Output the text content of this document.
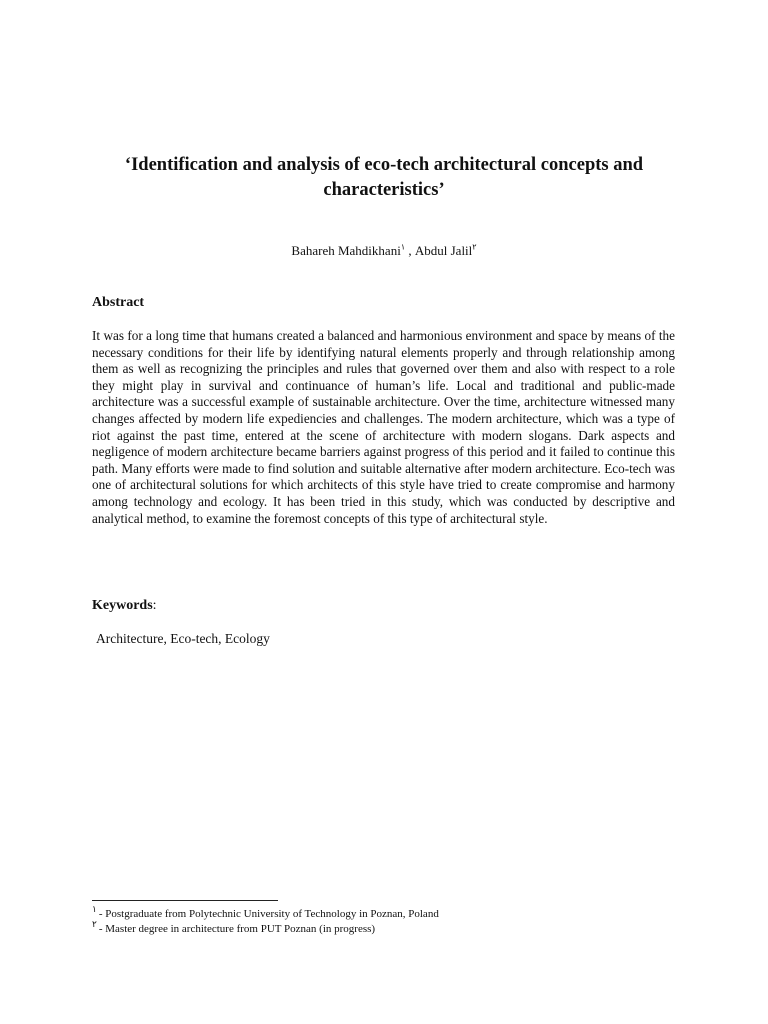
‘Identification and analysis of eco-tech architectural concepts and characteristics’
Bahareh Mahdikhani$^١$ , Abdul Jalil$^٢$
Abstract

It was for a long time that humans created a balanced and harmonious environment and space by means of the necessary conditions for their life by identifying natural elements properly and through relationship among them as well as recognizing the principles and rules that governed over them and also with respect to a role they might play in survival and continuance of human’s life. Local and traditional and public-made architecture was a successful example of sustainable architecture. Over the time, architecture witnessed many changes affected by modern life expediencies and challenges. The modern architecture, which was a type of riot against the past time, entered at the scene of architecture with modern slogans. Dark aspects and negligence of modern architecture became barriers against progress of this period and it failed to continue this path. Many efforts were made to find solution and suitable alternative after modern architecture. Eco-tech was one of architectural solutions for which architects of this style have tried to create compromise and harmony among technology and ecology. It has been tried in this study, which was conducted by descriptive and analytical method, to examine the foremost concepts of this type of architectural style.

Keywords:
Architecture, Eco-tech, Ecology
$^١$ - Postgraduate from Polytechnic University of Technology in Poznan, Poland
$^٢$ - Master degree in architecture from PUT Poznan (in progress)
